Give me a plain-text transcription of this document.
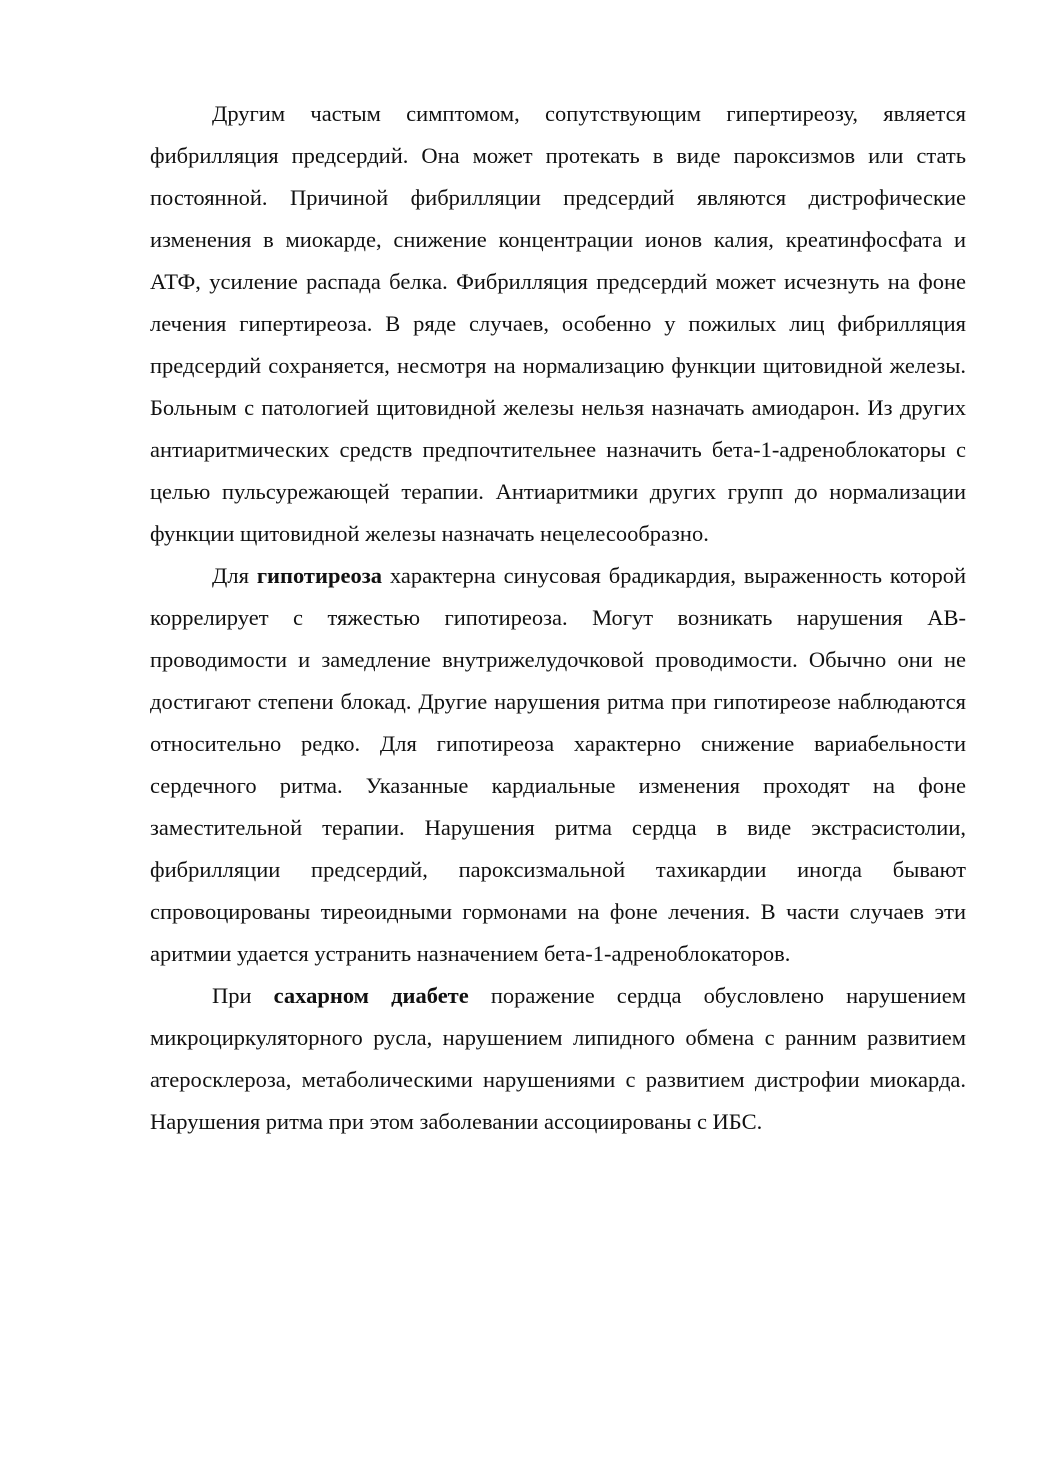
Другим частым симптомом, сопутствующим гипертиреозу, является фибрилляция предсердий. Она может протекать в виде пароксизмов или стать постоянной. Причиной фибрилляции предсердий являются дистрофические изменения в миокарде, снижение концентрации ионов калия, креатинфосфата и АТФ, усиление распада белка. Фибрилляция предсердий может исчезнуть на фоне лечения гипертиреоза. В ряде случаев, особенно у пожилых лиц фибрилляция предсердий сохраняется, несмотря на нормализацию функции щитовидной железы. Больным с патологией щитовидной железы нельзя назначать амиодарон. Из других антиаритмических средств предпочтительнее назначить бета-1-адреноблокаторы с целью пульсурежающей терапии. Антиаритмики других групп до нормализации функции щитовидной железы назначать нецелесообразно.

Для гипотиреоза характерна синусовая брадикардия, выраженность которой коррелирует с тяжестью гипотиреоза. Могут возникать нарушения АВ-проводимости и замедление внутрижелудочковой проводимости. Обычно они не достигают степени блокад. Другие нарушения ритма при гипотиреозе наблюдаются относительно редко. Для гипотиреоза характерно снижение вариабельности сердечного ритма. Указанные кардиальные изменения проходят на фоне заместительной терапии. Нарушения ритма сердца в виде экстрасистолии, фибрилляции предсердий, пароксизмальной тахикардии иногда бывают спровоцированы тиреоидными гормонами на фоне лечения. В части случаев эти аритмии удается устранить назначением бета-1-адреноблокаторов.

При сахарном диабете поражение сердца обусловлено нарушением микроциркуляторного русла, нарушением липидного обмена с ранним развитием атеросклероза, метаболическими нарушениями с развитием дистрофии миокарда. Нарушения ритма при этом заболевании ассоциированы с ИБС.
